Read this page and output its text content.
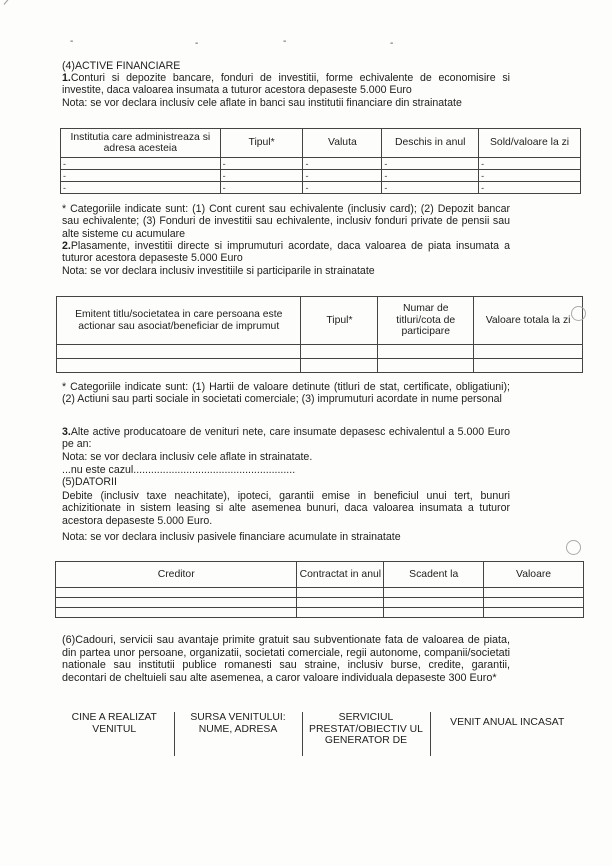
-	-	-	-
(4)ACTIVE FINANCIARE
1.Conturi si depozite bancare, fonduri de investitii, forme echivalente de economisire si investite, daca valoarea insumata a tuturor acestora depaseste 5.000 Euro
Nota: se vor declara inclusiv cele aflate in banci sau institutii financiare din strainatate
Institutia care administreaza si adresa acesteia	Tipul*	Valuta	Deschis in anul	Sold/valoare la zi
-	-	-	-	-
-	-	-	-	-
-	-	-	-	-
* Categoriile indicate sunt: (1) Cont curent sau echivalente (inclusiv card); (2) Depozit bancar sau echivalente; (3) Fonduri de investitii sau echivalente, inclusiv fonduri private de pensii sau alte sisteme cu acumulare
2.Plasamente, investitii directe si imprumuturi acordate, daca valoarea de piata insumata a tuturor acestora depaseste 5.000 Euro
Nota: se vor declara inclusiv investitiile si participarile in strainatate
Emitent titlu/societatea in care persoana este actionar sau asociat/beneficiar de imprumut	Tipul*	Numar de titluri/cota de participare	Valoare totala la zi

* Categoriile indicate sunt: (1) Hartii de valoare detinute (titluri de stat, certificate, obligatiuni); (2) Actiuni sau parti sociale in societati comerciale; (3) imprumuturi acordate in nume personal
3.Alte active producatoare de venituri nete, care insumate depasesc echivalentul a 5.000 Euro pe an:
Nota: se vor declara inclusiv cele aflate in strainatate.
...nu este cazul.......................................................
(5)DATORII
Debite (inclusiv taxe neachitate), ipoteci, garantii emise in beneficiul unui tert, bunuri achizitionate in sistem leasing si alte asemenea bunuri, daca valoarea insumata a tuturor acestora depaseste 5.000 Euro.
Nota: se vor declara inclusiv pasivele financiare acumulate in strainatate
Creditor	Contractat in anul	Scadent la	Valoare

(6)Cadouri, servicii sau avantaje primite gratuit sau subventionate fata de valoarea de piata, din partea unor persoane, organizatii, societati comerciale, regii autonome, companii/societati nationale sau institutii publice romanesti sau straine, inclusiv burse, credite, garantii, decontari de cheltuieli sau alte asemenea, a caror valoare individuala depaseste 300 Euro*
CINE A REALIZAT VENITUL	SURSA VENITULUI: NUME, ADRESA	SERVICIUL PRESTAT/OBIECTIV UL GENERATOR DE	VENIT ANUAL INCASAT
